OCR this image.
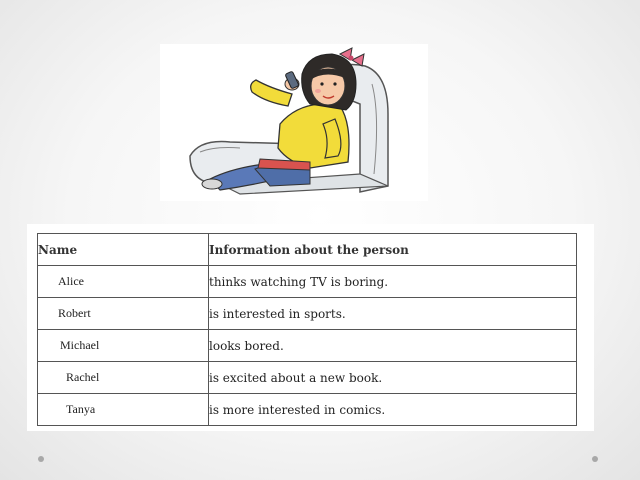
Name	Information about the person
Alice	thinks watching TV is boring.
Robert	is interested in sports.
Michael	looks bored.
Rachel	is excited about a new book.
Tanya	is more interested in comics.
